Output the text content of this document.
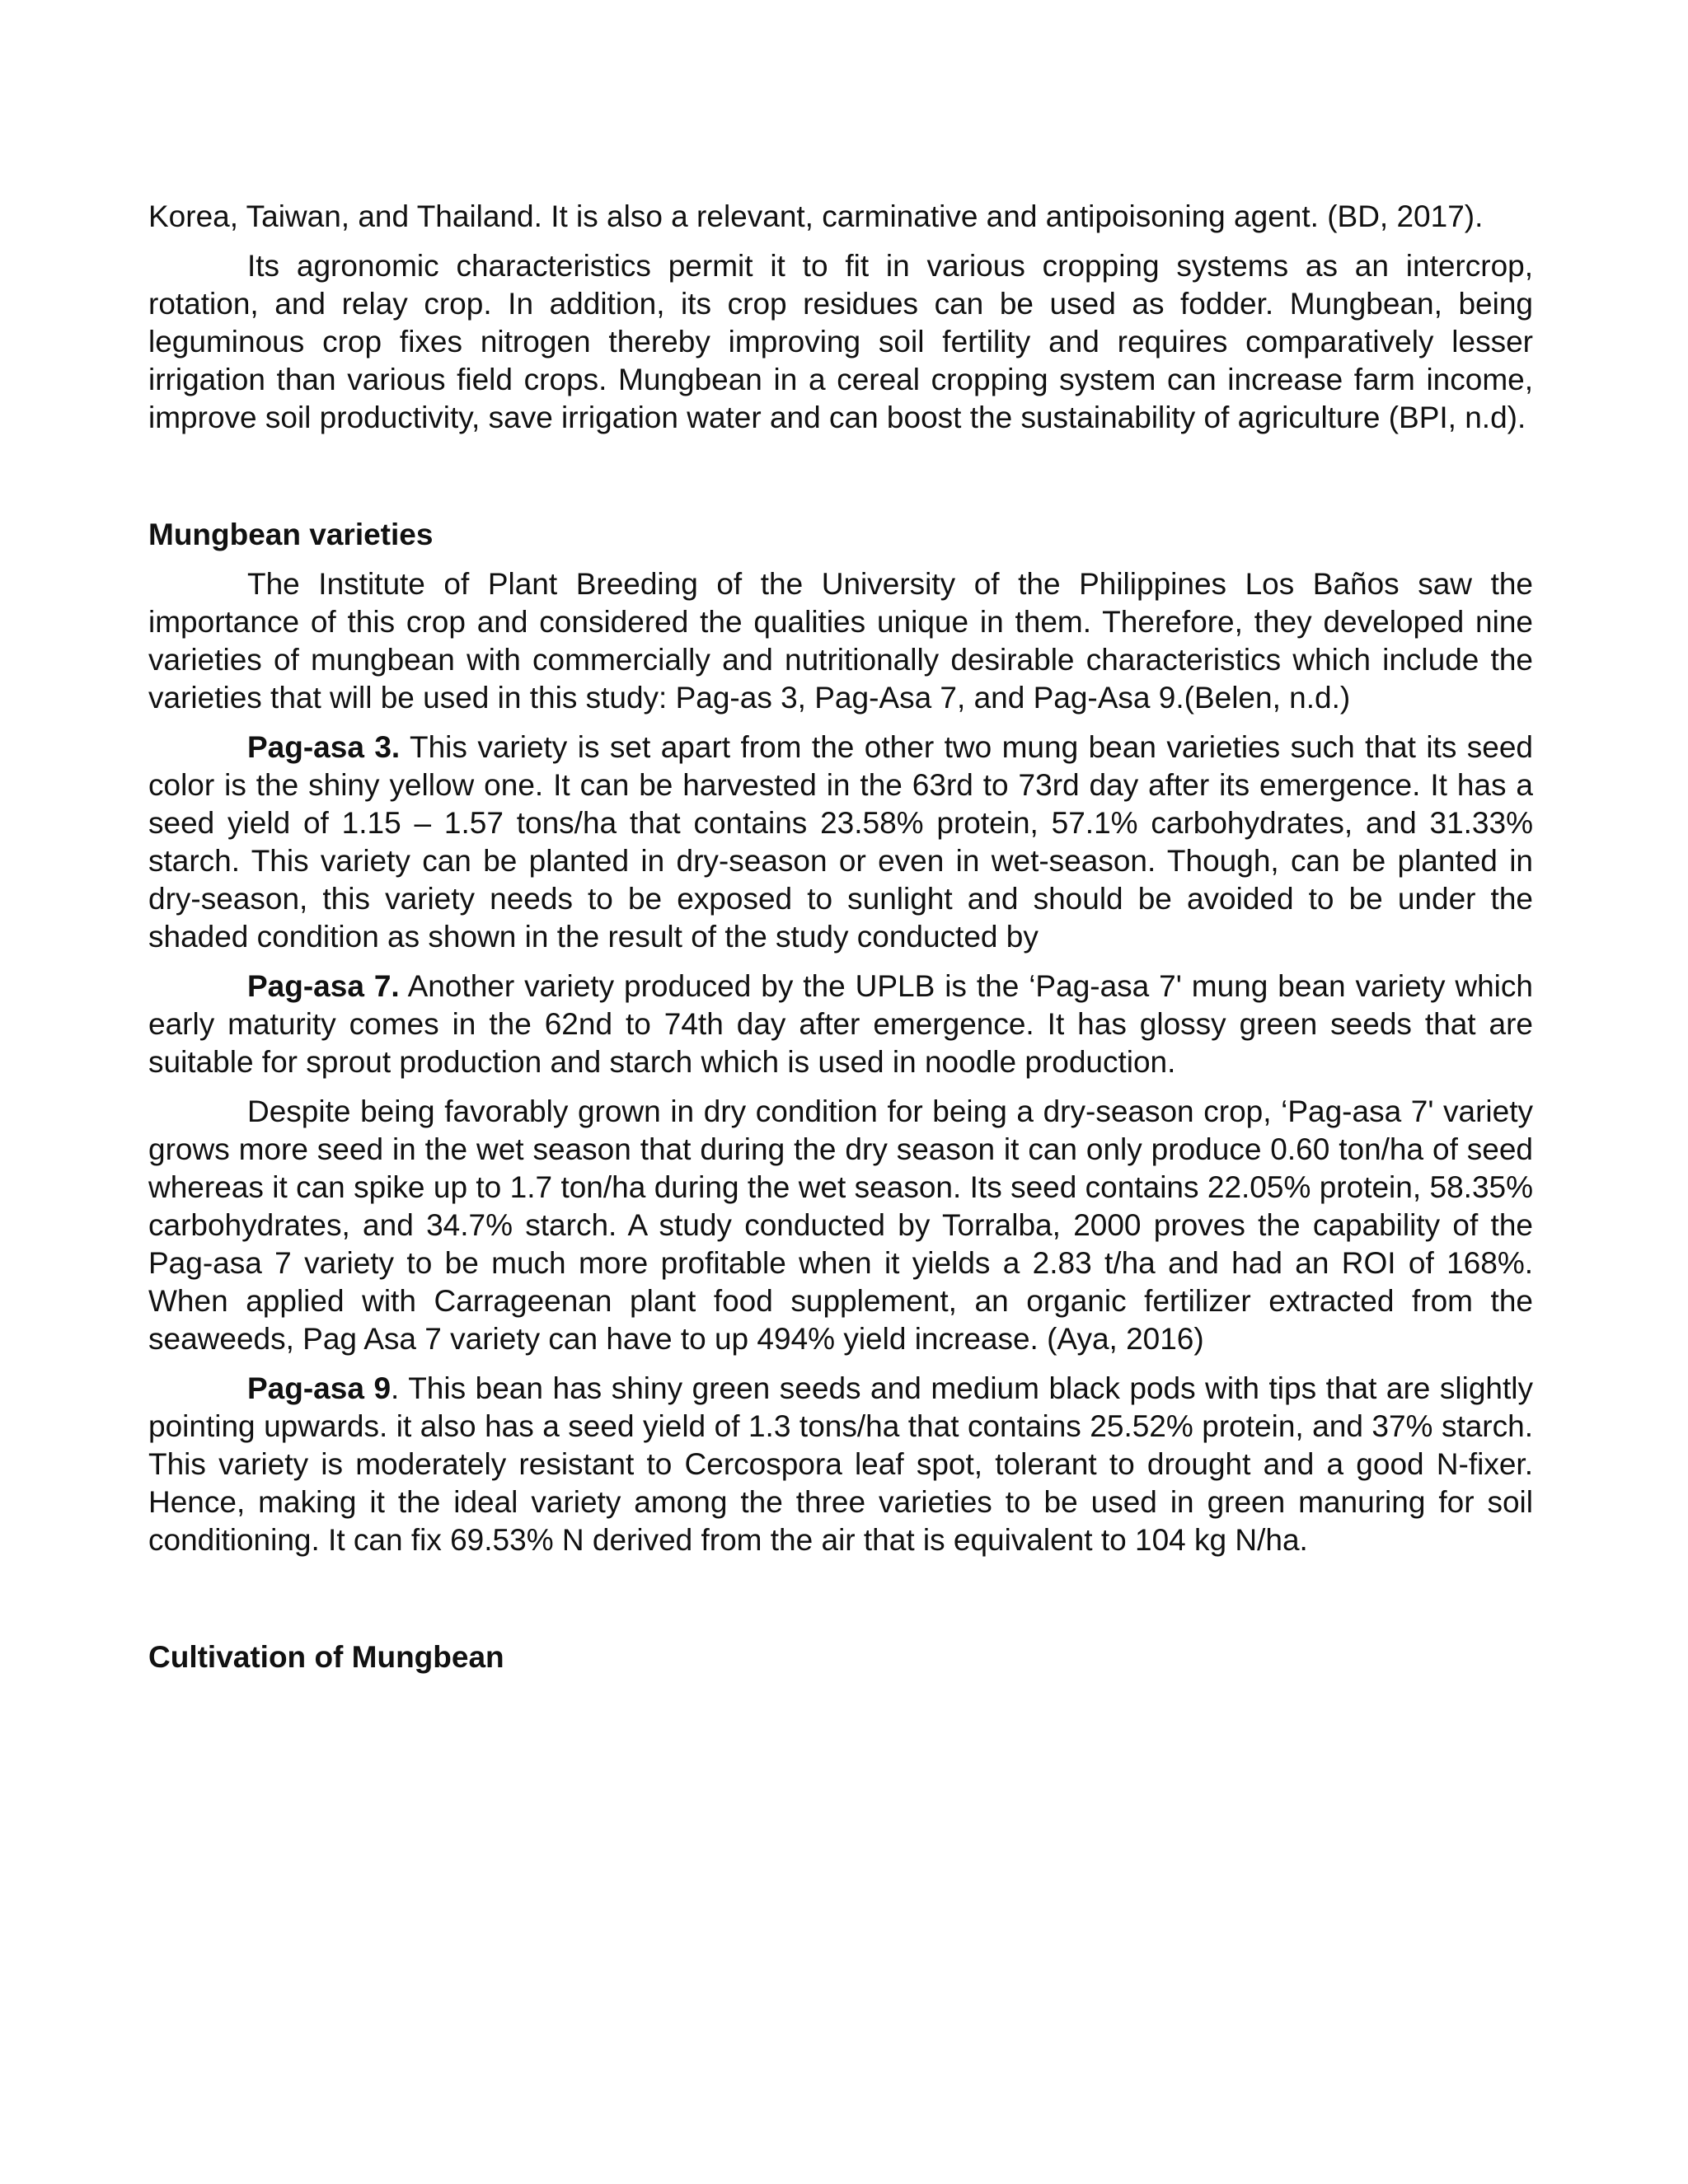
Korea, Taiwan, and Thailand. It is also a relevant, carminative and antipoisoning agent. (BD, 2017).

Its agronomic characteristics permit it to fit in various cropping systems as an intercrop, rotation, and relay crop. In addition, its crop residues can be used as fodder. Mungbean, being leguminous crop fixes nitrogen thereby improving soil fertility and requires comparatively lesser irrigation than various field crops. Mungbean in a cereal cropping system can increase farm income, improve soil productivity, save irrigation water and can boost the sustainability of agriculture (BPI, n.d).

Mungbean varieties

The Institute of Plant Breeding of the University of the Philippines Los Baños saw the importance of this crop and considered the qualities unique in them. Therefore, they developed nine varieties of mungbean with commercially and nutritionally desirable characteristics which include the varieties that will be used in this study: Pag-as 3, Pag-Asa 7, and Pag-Asa 9.(Belen, n.d.)

Pag-asa 3. This variety is set apart from the other two mung bean varieties such that its seed color is the shiny yellow one. It can be harvested in the 63rd to 73rd day after its emergence. It has a seed yield of 1.15 – 1.57 tons/ha that contains 23.58% protein, 57.1% carbohydrates, and 31.33% starch. This variety can be planted in dry-season or even in wet-season. Though, can be planted in dry-season, this variety needs to be exposed to sunlight and should be avoided to be under the shaded condition as shown in the result of the study conducted by

Pag-asa 7. Another variety produced by the UPLB is the ‘Pag-asa 7' mung bean variety which early maturity comes in the 62nd to 74th day after emergence. It has glossy green seeds that are suitable for sprout production and starch which is used in noodle production.

Despite being favorably grown in dry condition for being a dry-season crop, ‘Pag-asa 7' variety grows more seed in the wet season that during the dry season it can only produce 0.60 ton/ha of seed whereas it can spike up to 1.7 ton/ha during the wet season. Its seed contains 22.05% protein, 58.35% carbohydrates, and 34.7% starch. A study conducted by Torralba, 2000 proves the capability of the Pag-asa 7 variety to be much more profitable when it yields a 2.83 t/ha and had an ROI of 168%. When applied with Carrageenan plant food supplement, an organic fertilizer extracted from the seaweeds, Pag Asa 7 variety can have to up 494% yield increase. (Aya, 2016)

Pag-asa 9. This bean has shiny green seeds and medium black pods with tips that are slightly pointing upwards. it also has a seed yield of 1.3 tons/ha that contains 25.52% protein, and 37% starch. This variety is moderately resistant to Cercospora leaf spot, tolerant to drought and a good N-fixer. Hence, making it the ideal variety among the three varieties to be used in green manuring for soil conditioning. It can fix 69.53% N derived from the air that is equivalent to 104 kg N/ha.

Cultivation of Mungbean
